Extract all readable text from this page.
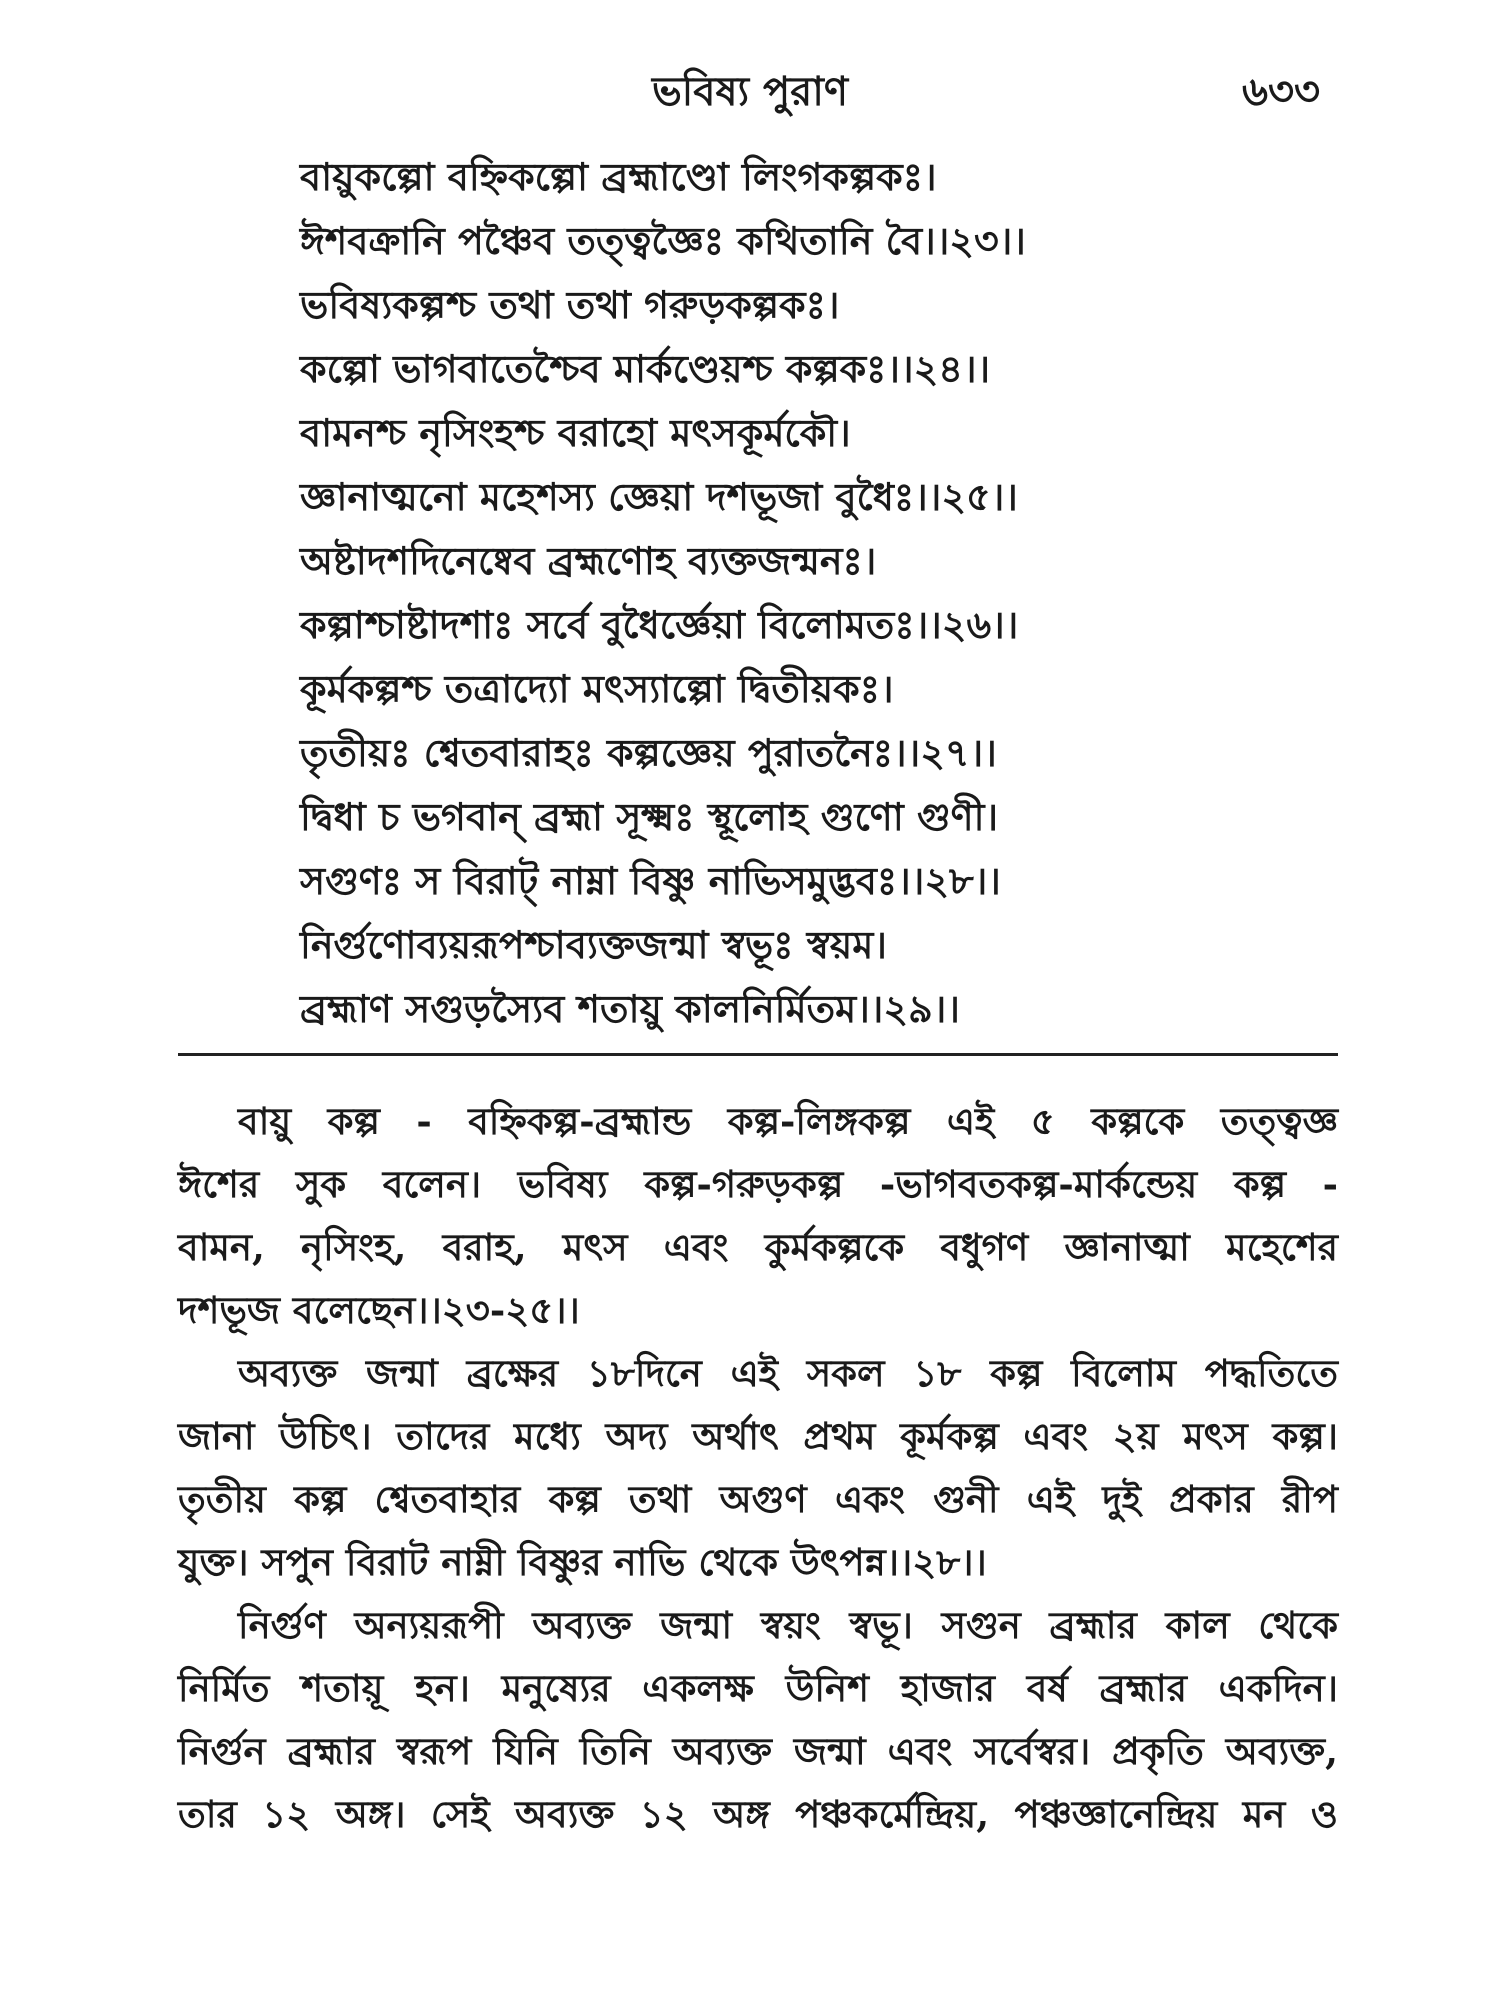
ভবিষ্য পুরাণ	৬৩৩
বায়ুকল্পো বহ্নিকল্পো ব্রহ্মাণ্ডো লিংগকল্পকঃ।
ঈশবক্রানি পঞ্চৈব তত্ত্বজ্ঞৈঃ কথিতানি বৈ।।২৩।।
ভবিষ্যকল্পশ্চ তথা তথা গরুড়কল্পকঃ।
কল্পো ভাগবাতেশ্চৈব মার্কণ্ডেয়শ্চ কল্পকঃ।।২৪।।
বামনশ্চ নৃসিংহশ্চ বরাহো মৎসকূর্মকৌ।
জ্ঞানাত্মনো মহেশস্য জ্ঞেয়া দশভূজা বুধৈঃ।।২৫।।
অষ্টাদশদিনেষ্বেব ব্রহ্মণোহ ব্যক্তজন্মনঃ।
কল্পাশ্চাষ্টাদশাঃ সর্বে বুধৈর্জ্ঞেয়া বিলোমতঃ।।২৬।।
কূর্মকল্পশ্চ তত্রাদ্যো মৎস্যাল্পো দ্বিতীয়কঃ।
তৃতীয়ঃ শ্বেতবারাহঃ কল্পজ্ঞেয় পুরাতনৈঃ।।২৭।।
দ্বিধা চ ভগবান্ ব্রহ্মা সূক্ষ্মঃ স্থূলোহ গুণো গুণী।
সগুণঃ স বিরাট্ নাম্না বিষ্ণু নাভিসমুদ্ভবঃ।।২৮।।
নির্গুণোব্যয়রূপশ্চাব্যক্তজন্মা স্বভূঃ স্বয়ম।
ব্রহ্মাণ সগুড়স্যৈব শতায়ু কালনির্মিতম।।২৯।।
বায়ু কল্প - বহ্নিকল্প-ব্রহ্মান্ড কল্প-লিঙ্গকল্প এই ৫ কল্পকে তত্ত্বজ্ঞ
ঈশের সুক বলেন। ভবিষ্য কল্প-গরুড়কল্প -ভাগবতকল্প-মার্কন্ডেয় কল্প -
বামন, নৃসিংহ, বরাহ, মৎস এবং কুর্মকল্পকে বধুগণ জ্ঞানাত্মা মহেশের
দশভূজ বলেছেন।।২৩-২৫।।
অব্যক্ত জন্মা ব্রক্ষের ১৮দিনে এই সকল ১৮ কল্প বিলোম পদ্ধতিতে
জানা উচিৎ। তাদের মধ্যে অদ্য অর্থাৎ প্রথম কূর্মকল্প এবং ২য় মৎস কল্প।
তৃতীয় কল্প শ্বেতবাহার কল্প তথা অগুণ একং গুনী এই দুই প্রকার রীপ
যুক্ত। সপুন বিরাট নাম্নী বিষ্ণুর নাভি থেকে উৎপন্ন।।২৮।।
নির্গুণ অন্যয়রূপী অব্যক্ত জন্মা স্বয়ং স্বভূ। সগুন ব্রহ্মার কাল থেকে
নির্মিত শতায়ূ হন। মনুষ্যের একলক্ষ উনিশ হাজার বর্ষ ব্রহ্মার একদিন।
নির্গুন ব্রহ্মার স্বরূপ যিনি তিনি অব্যক্ত জন্মা এবং সর্বেস্বর। প্রকৃতি অব্যক্ত,
তার ১২ অঙ্গ। সেই অব্যক্ত ১২ অঙ্গ পঞ্চকর্মেন্দ্রিয়, পঞ্চজ্ঞানেন্দ্রিয় মন ও
